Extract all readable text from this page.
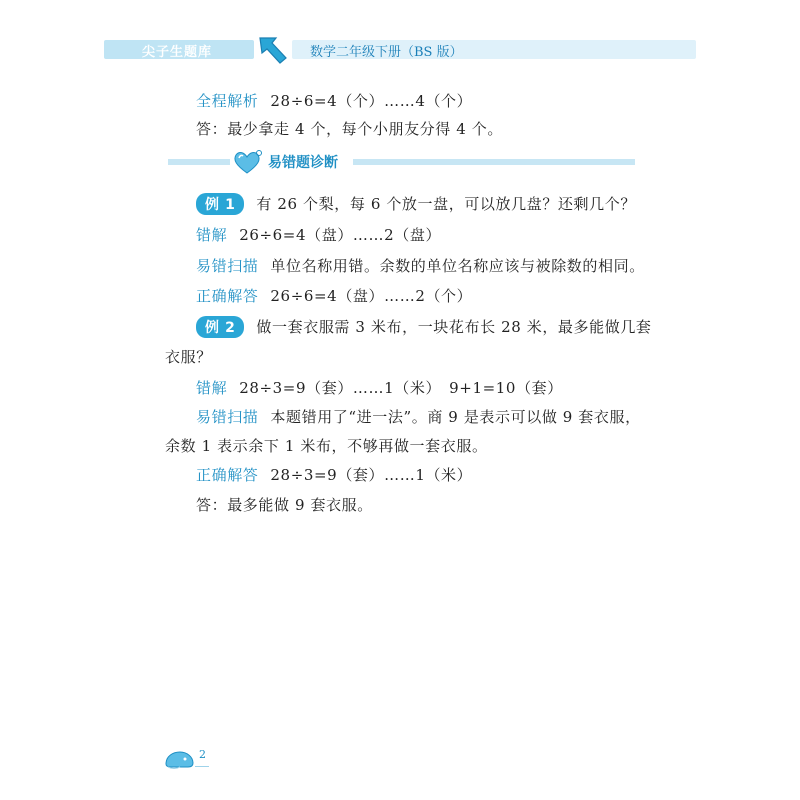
尖子生题库	数学二年级下册（BS 版）
全程解析 28÷6=4（个）……4（个）
答：最少拿走 4 个，每个小朋友分得 4 个。
易错题诊断
例 1 有 26 个梨，每 6 个放一盘，可以放几盘？还剩几个？
错解 26÷6=4（盘）……2（盘）
易错扫描 单位名称用错。余数的单位名称应该与被除数的相同。
正确解答 26÷6=4（盘）……2（个）
例 2 做一套衣服需 3 米布，一块花布长 28 米，最多能做几套
衣服？
错解 28÷3=9（套）……1（米）　9+1=10（套）
易错扫描 本题错用了“进一法”。商 9 是表示可以做 9 套衣服，
余数 1 表示余下 1 米布，不够再做一套衣服。
正确解答 28÷3=9（套）……1（米）
答：最多能做 9 套衣服。
2
